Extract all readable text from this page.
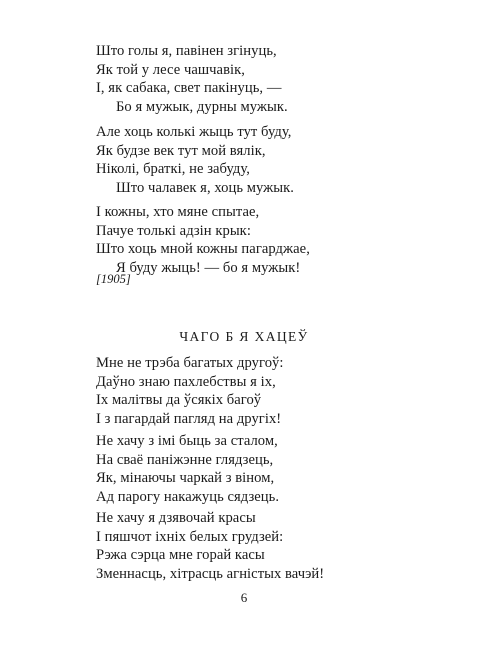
Што голы я, павінен згінуць,
Як той у лесе чашчавік,
І, як сабака, свет пакінуць, —
Бо я мужык, дурны мужык.
Але хоць колькі жыць тут буду,
Як будзе век тут мой вялік,
Ніколі, браткі, не забуду,
Што чалавек я, хоць мужык.
І кожны, хто мяне спытае,
Пачуе толькі адзін крык:
Што хоць мной кожны пагарджае,
Я буду жыць! — бо я мужык!
[1905]
ЧАГО Б Я ХАЦЕЎ
Мне не трэба багатых другоў:
Даўно знаю пахлебствы я іх,
Іх малітвы да ўсякіх багоў
І з пагардай пагляд на другіх!
Не хачу з імі быць за сталом,
На сваё паніжэнне глядзець,
Як, мінаючы чаркай з віном,
Ад парогу накажуць сядзець.
Не хачу я дзявочай красы
І пяшчот іхніх белых грудзей:
Рэжа сэрца мне горай касы
Зменнасць, хітрасць агністых вачэй!
6
